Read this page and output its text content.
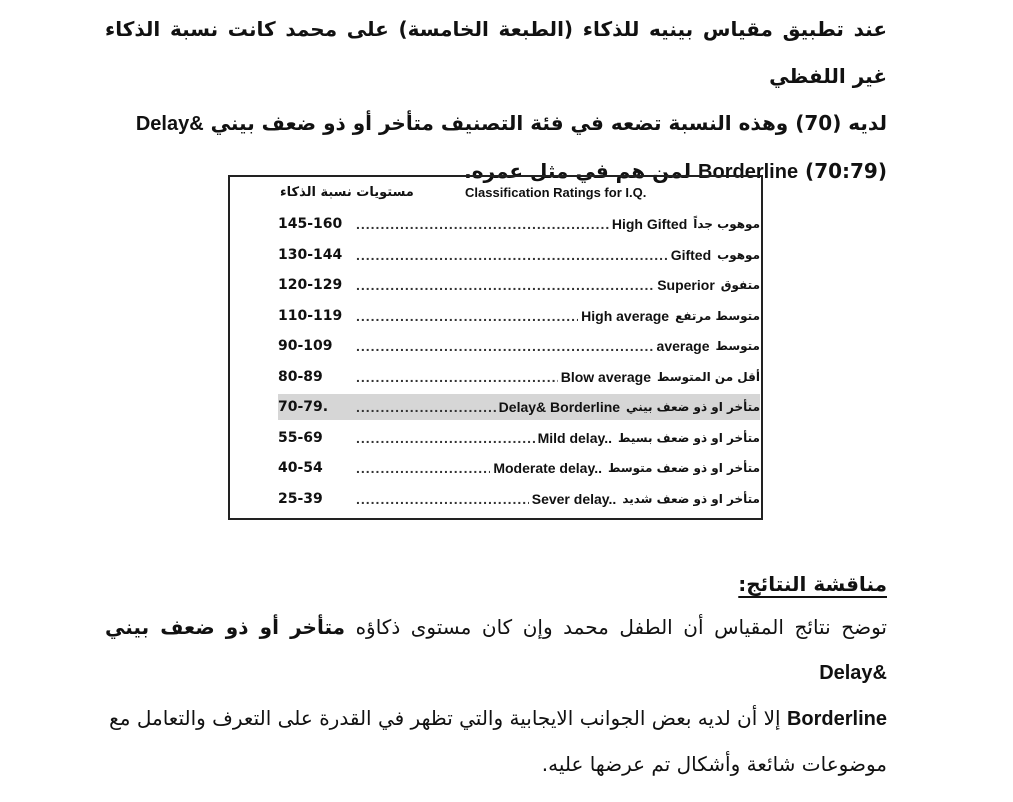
عند تطبيق مقياس بينيه للذكاء (الطبعة الخامسة) على محمد كانت نسبة الذكاء غير اللفظي
لديه (70) وهذه النسبة تضعه في فئة التصنيف متأخر أو ذو ضعف بيني Delay&
Borderline (70:79) لمن هم في مثل عمره.
مستويات نسبة الذكاء	Classification Ratings for I.Q.
145-160 .....	High Gifted موهوب جداً
130-144 .....	Gifted موهوب
120-129 .....	Superior متفوق
110-119 .....	High average متوسط مرتفع
90-109 .....	average متوسط
80-89 .....	Blow average أقل من المتوسط
70-79. .....	Delay& Borderline متأخر او ذو ضعف بيني
55-69 .....	Mild delay.. متأخر او ذو ضعف بسيط
40-54 .....	Moderate delay.. متأخر او ذو ضعف متوسط
25-39 .....	Sever delay.. متأخر او ذو ضعف شديد
مناقشة النتائج:
توضح نتائج المقياس أن الطفل محمد وإن كان مستوى ذكاؤه متأخر أو ذو ضعف بيني Delay&
Borderline إلا أن لديه بعض الجوانب الايجابية والتي تظهر في القدرة على التعرف والتعامل مع
موضوعات شائعة وأشكال تم عرضها عليه.
